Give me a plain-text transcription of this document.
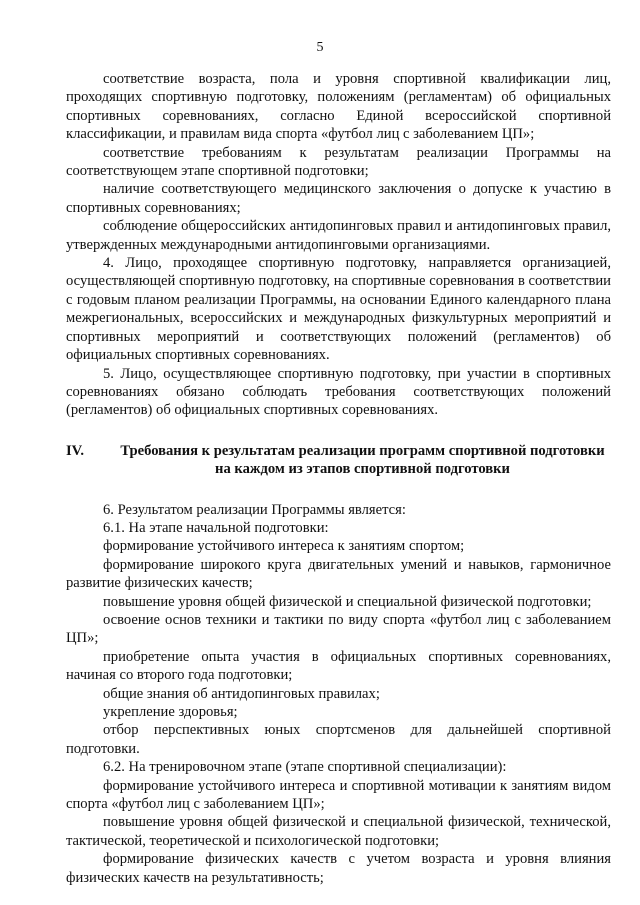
5

соответствие возраста, пола и уровня спортивной квалификации лиц, проходящих спортивную подготовку, положениям (регламентам) об официальных спортивных соревнованиях, согласно Единой всероссийской спортивной классификации, и правилам вида спорта «футбол лиц с заболеванием ЦП»;

соответствие требованиям к результатам реализации Программы на соответствующем этапе спортивной подготовки;

наличие соответствующего медицинского заключения о допуске к участию в спортивных соревнованиях;

соблюдение общероссийских антидопинговых правил и антидопинговых правил, утвержденных международными антидопинговыми организациями.

4. Лицо, проходящее спортивную подготовку, направляется организацией, осуществляющей спортивную подготовку, на спортивные соревнования в соответствии с годовым планом реализации Программы, на основании Единого календарного плана межрегиональных, всероссийских и международных физкультурных мероприятий и спортивных мероприятий и соответствующих положений (регламентов) об официальных спортивных соревнованиях.

5. Лицо, осуществляющее спортивную подготовку, при участии в спортивных соревнованиях обязано соблюдать требования соответствующих положений (регламентов) об официальных спортивных соревнованиях.

IV.	Требования к результатам реализации программ спортивной подготовки на каждом из этапов спортивной подготовки

6. Результатом реализации Программы является:

6.1. На этапе начальной подготовки:

формирование устойчивого интереса к занятиям спортом;

формирование широкого круга двигательных умений и навыков, гармоничное развитие физических качеств;

повышение уровня общей физической и специальной физической подготовки;

освоение основ техники и тактики по виду спорта «футбол лиц с заболеванием ЦП»;

приобретение опыта участия в официальных спортивных соревнованиях, начиная со второго года подготовки;

общие знания об антидопинговых правилах;

укрепление здоровья;

отбор перспективных юных спортсменов для дальнейшей спортивной подготовки.

6.2. На тренировочном этапе (этапе спортивной специализации):

формирование устойчивого интереса и спортивной мотивации к занятиям видом спорта «футбол лиц с заболеванием ЦП»;

повышение уровня общей физической и специальной физической, технической, тактической, теоретической и психологической подготовки;

формирование физических качеств с учетом возраста и уровня влияния физических качеств на результативность;
